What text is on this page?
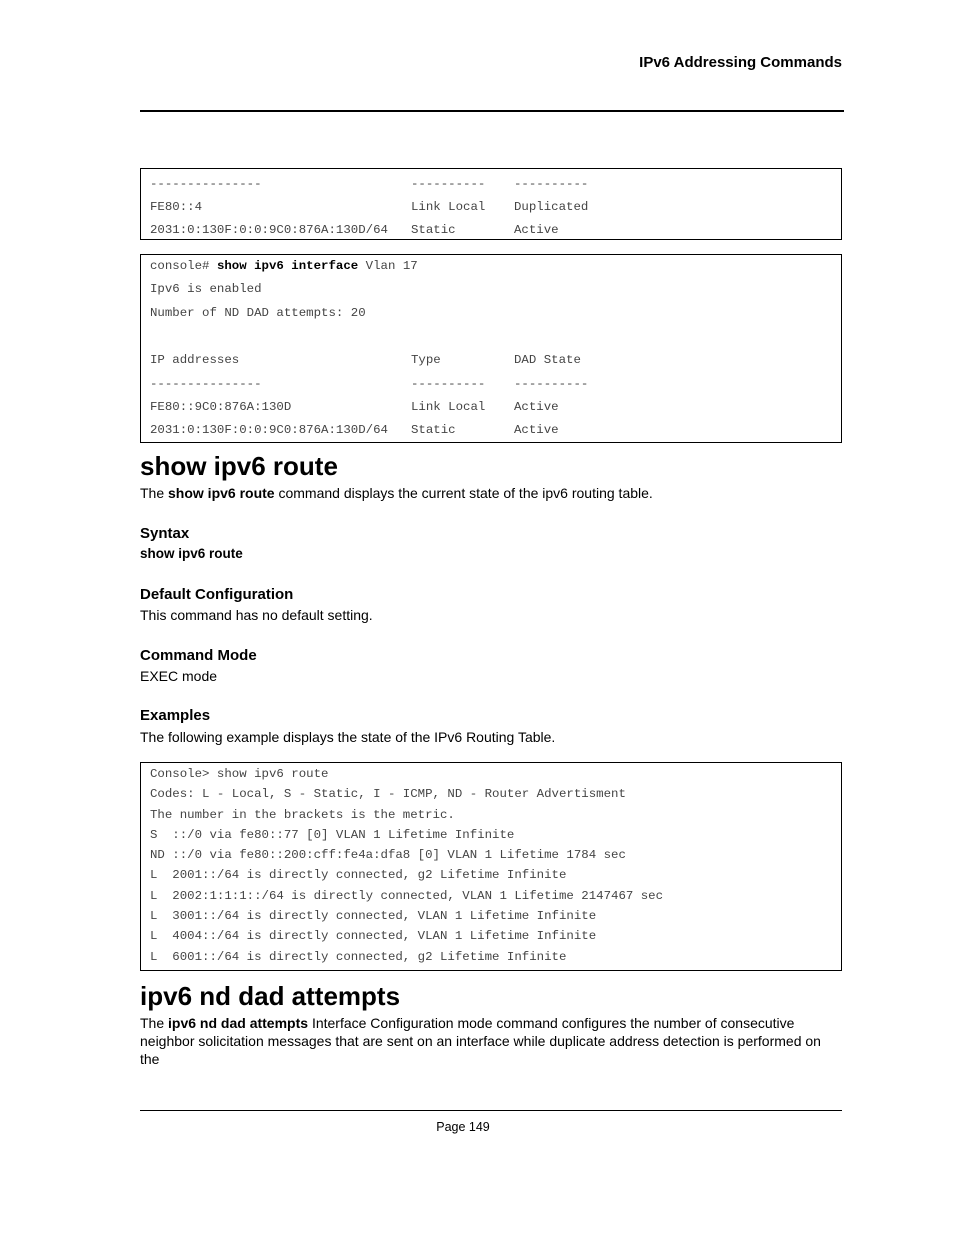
IPv6 Addressing Commands

---------------	----------	----------
FE80::4	Link Local	Duplicated
2031:0:130F:0:0:9C0:876A:130D/64	Static	Active
console# show ipv6 interface Vlan 17
Ipv6 is enabled
Number of ND DAD attempts: 20
IP addresses	Type	DAD State
---------------	----------	----------
FE80::9C0:876A:130D	Link Local	Active
2031:0:130F:0:0:9C0:876A:130D/64	Static	Active
show ipv6 route

The show ipv6 route command displays the current state of the ipv6 routing table.

Syntax

show ipv6 route

Default Configuration

This command has no default setting.

Command Mode

EXEC mode

Examples

The following example displays the state of the IPv6 Routing Table.

Console> show ipv6 route
Codes: L - Local, S - Static, I - ICMP, ND - Router Advertisment
The number in the brackets is the metric.
S  ::/0 via fe80::77 [0] VLAN 1 Lifetime Infinite
ND ::/0 via fe80::200:cff:fe4a:dfa8 [0] VLAN 1 Lifetime 1784 sec
L  2001::/64 is directly connected, g2 Lifetime Infinite
L  2002:1:1:1::/64 is directly connected, VLAN 1 Lifetime 2147467 sec
L  3001::/64 is directly connected, VLAN 1 Lifetime Infinite
L  4004::/64 is directly connected, VLAN 1 Lifetime Infinite
L  6001::/64 is directly connected, g2 Lifetime Infinite
ipv6 nd dad attempts

The ipv6 nd dad attempts Interface Configuration mode command configures the number of consecutive neighbor solicitation messages that are sent on an interface while duplicate address detection is performed on the

Page 149
